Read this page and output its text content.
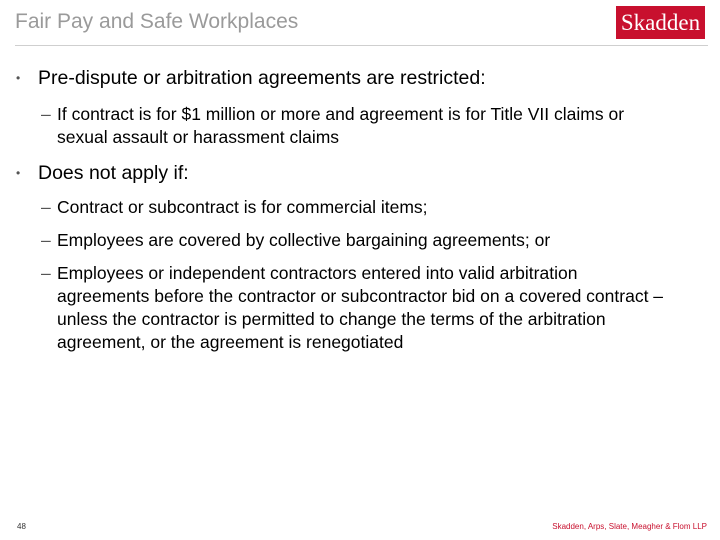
Fair Pay and Safe Workplaces	Skadden
• Pre-dispute or arbitration agreements are restricted:
– If contract is for $1 million or more and agreement is for Title VII claims or sexual assault or harassment claims
• Does not apply if:
– Contract or subcontract is for commercial items;
– Employees are covered by collective bargaining agreements; or
– Employees or independent contractors entered into valid arbitration agreements before the contractor or subcontractor bid on a covered contract – unless the contractor is permitted to change the terms of the arbitration agreement, or the agreement is renegotiated
48	Skadden, Arps, Slate, Meagher & Flom LLP
